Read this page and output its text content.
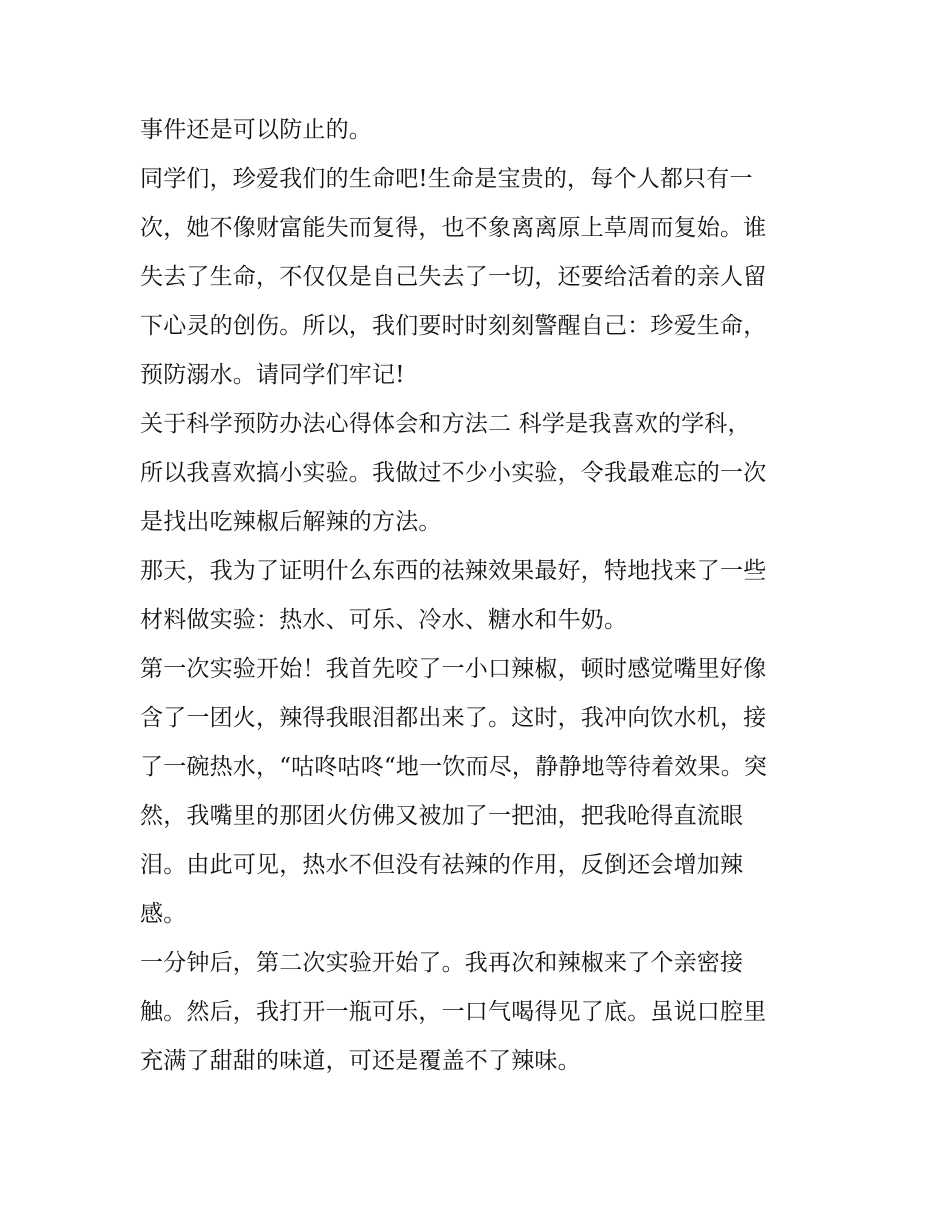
事件还是可以防止的。
同学们，珍爱我们的生命吧!生命是宝贵的，每个人都只有一
次，她不像财富能失而复得，也不象离离原上草周而复始。谁
失去了生命，不仅仅是自己失去了一切，还要给活着的亲人留
下心灵的创伤。所以，我们要时时刻刻警醒自己：珍爱生命，
预防溺水。请同学们牢记!
关于科学预防办法心得体会和方法二 科学是我喜欢的学科，
所以我喜欢搞小实验。我做过不少小实验，令我最难忘的一次
是找出吃辣椒后解辣的方法。
那天，我为了证明什么东西的祛辣效果最好，特地找来了一些
材料做实验：热水、可乐、冷水、糖水和牛奶。
第一次实验开始！我首先咬了一小口辣椒，顿时感觉嘴里好像
含了一团火，辣得我眼泪都出来了。这时，我冲向饮水机，接
了一碗热水，“咕咚咕咚“地一饮而尽，静静地等待着效果。突
然，我嘴里的那团火仿佛又被加了一把油，把我呛得直流眼
泪。由此可见，热水不但没有祛辣的作用，反倒还会增加辣
感。
一分钟后，第二次实验开始了。我再次和辣椒来了个亲密接
触。然后，我打开一瓶可乐，一口气喝得见了底。虽说口腔里
充满了甜甜的味道，可还是覆盖不了辣味。
